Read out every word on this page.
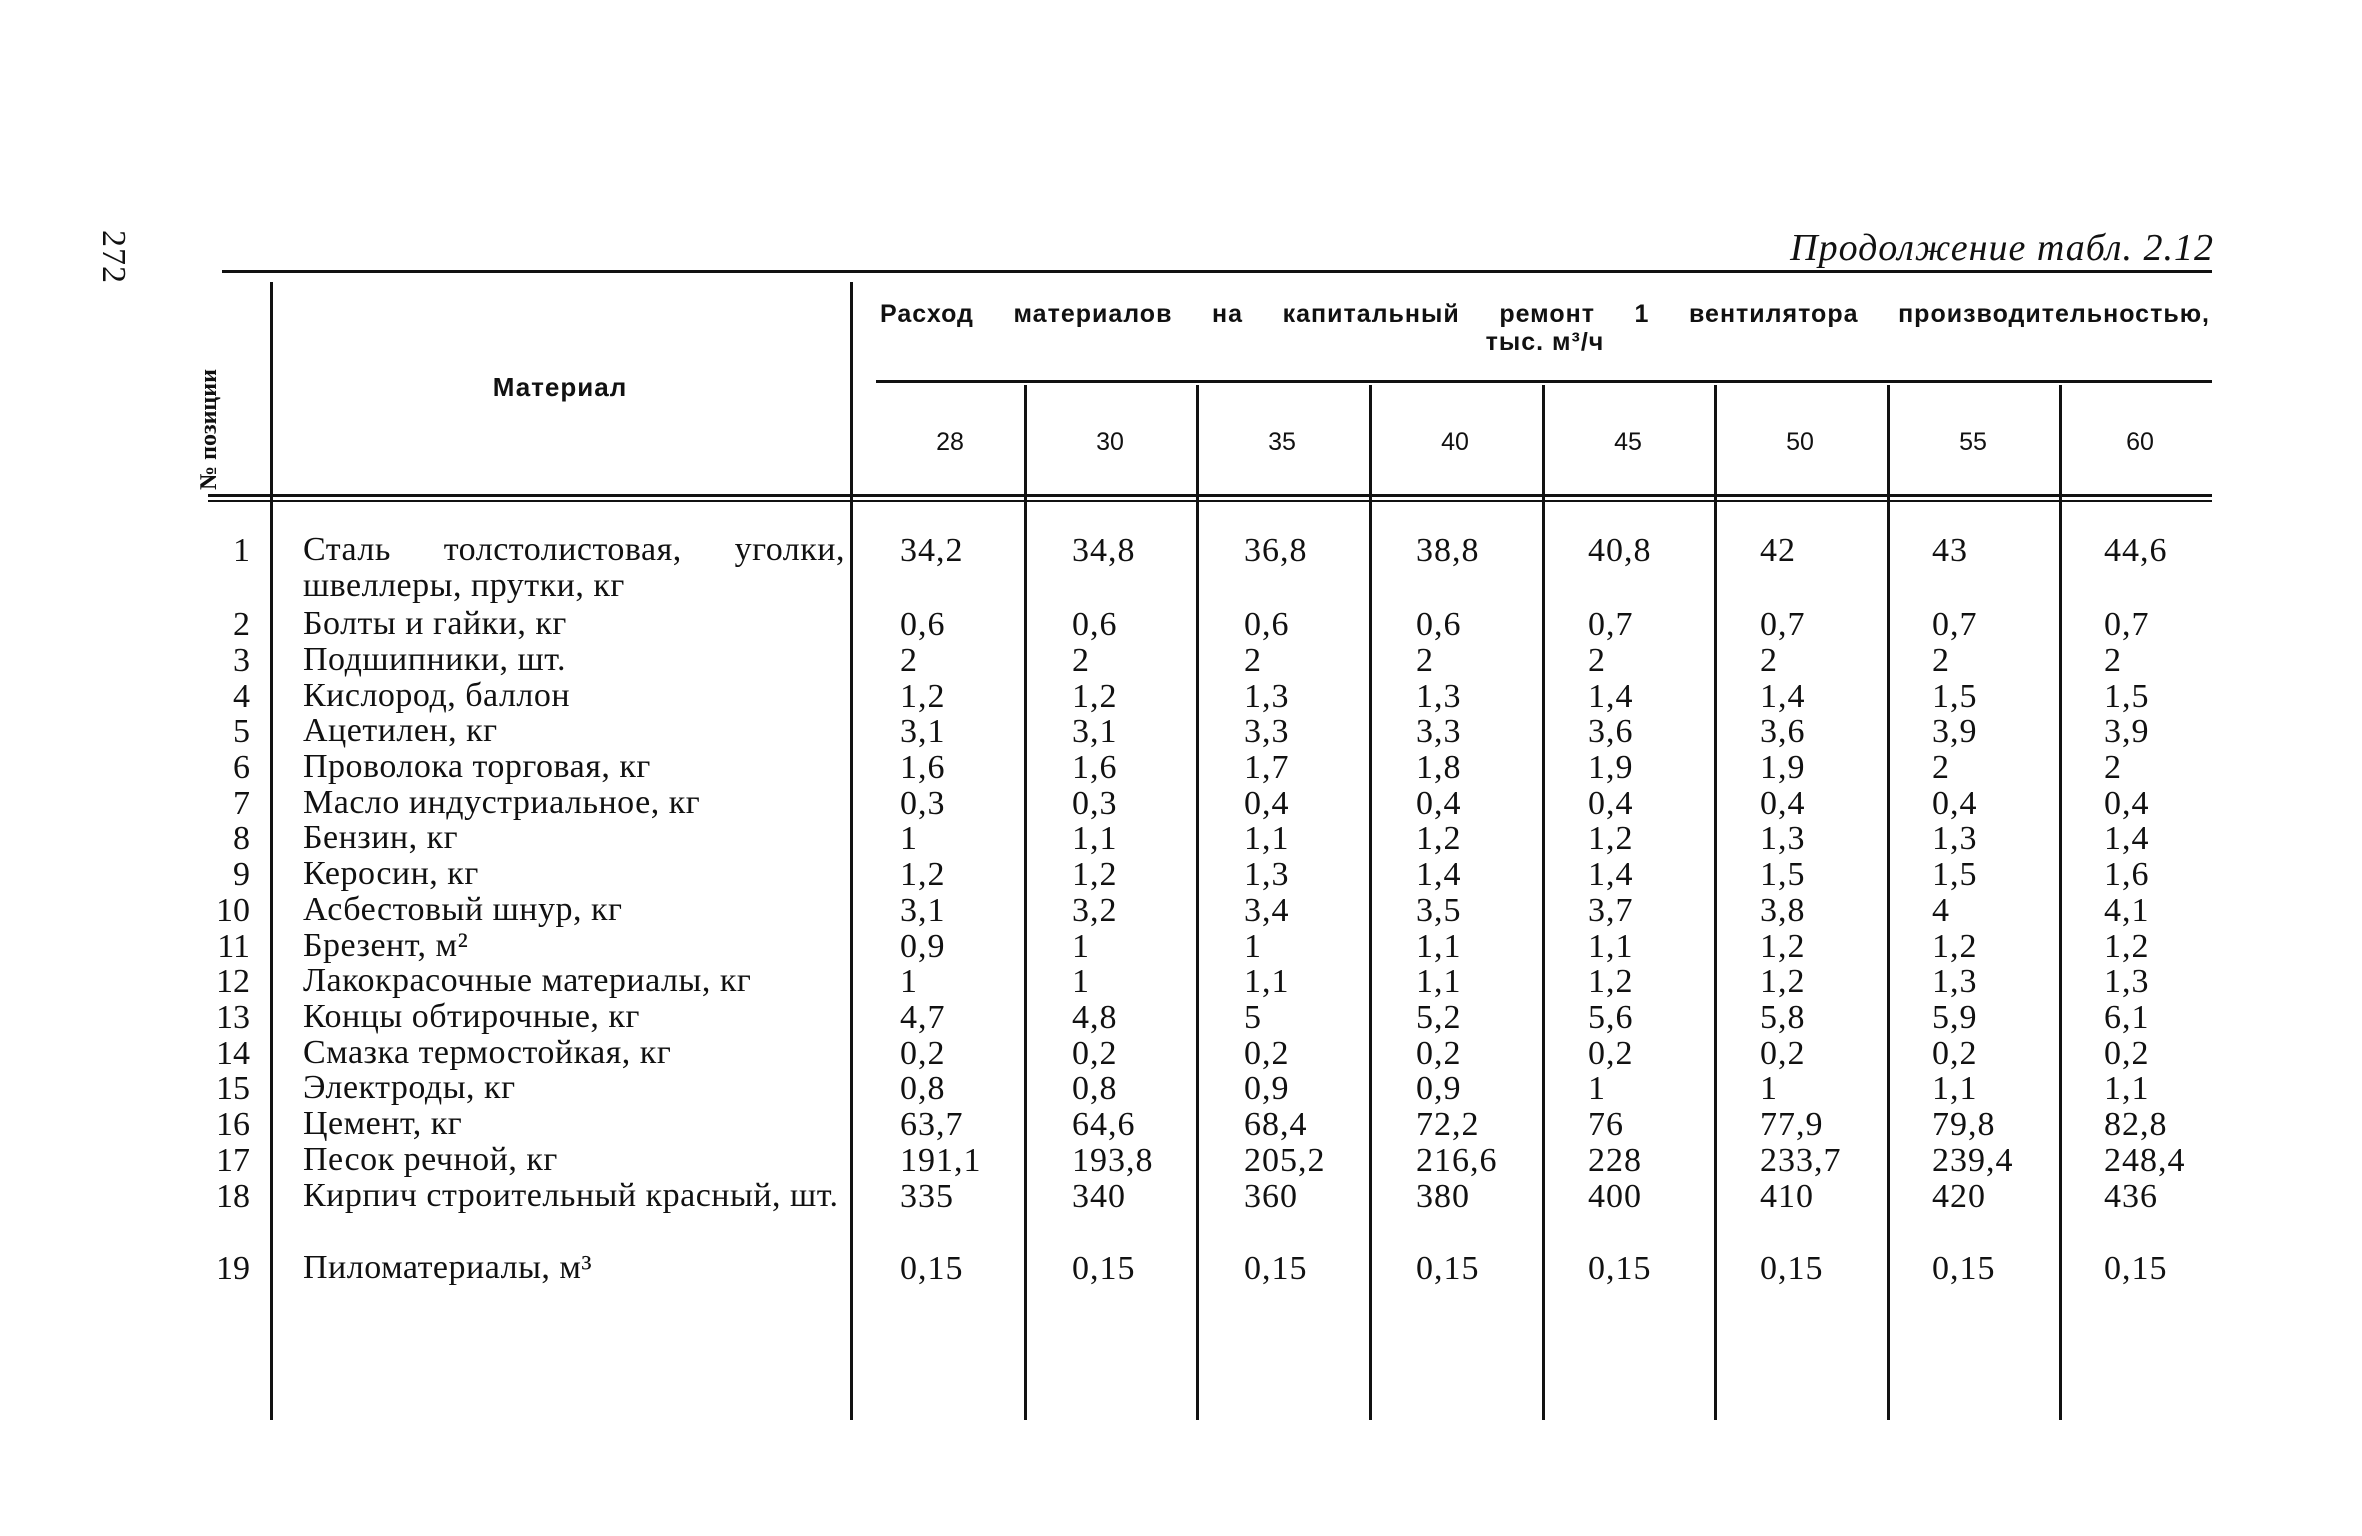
272	Продолжение табл. 2.12
№ позиции	Материал
Расход материалов на капитальный ремонт 1 вентилятора производительностью,
тыс. м³/ч
28	30	35	40	45	50	55	60
1 Сталь толстолистовая, уголки, швеллеры, прутки, кг
34,2	34,8	36,8	38,8	40,8	42	43	44,6
2 Болты и гайки, кг	0,6	0,6	0,6	0,6	0,7	0,7	0,7	0,7
3 Подшипники, шт.	2	2	2	2	2	2	2	2
4 Кислород, баллон	1,2	1,2	1,3	1,3	1,4	1,4	1,5	1,5
5 Ацетилен, кг	3,1	3,1	3,3	3,3	3,6	3,6	3,9	3,9
6 Проволока торговая, кг	1,6	1,6	1,7	1,8	1,9	1,9	2	2
7 Масло индустриальное, кг	0,3	0,3	0,4	0,4	0,4	0,4	0,4	0,4
8 Бензин, кг	1	1,1	1,1	1,2	1,2	1,3	1,3	1,4
9 Керосин, кг	1,2	1,2	1,3	1,4	1,4	1,5	1,5	1,6
10 Асбестовый шнур, кг	3,1	3,2	3,4	3,5	3,7	3,8	4	4,1
11 Брезент, м²	0,9	1	1	1,1	1,1	1,2	1,2	1,2
12 Лакокрасочные материалы, кг	1	1	1,1	1,1	1,2	1,2	1,3	1,3
13 Концы обтирочные, кг	4,7	4,8	5	5,2	5,6	5,8	5,9	6,1
14 Смазка термостойкая, кг	0,2	0,2	0,2	0,2	0,2	0,2	0,2	0,2
15 Электроды, кг	0,8	0,8	0,9	0,9	1	1	1,1	1,1
16 Цемент, кг	63,7	64,6	68,4	72,2	76	77,9	79,8	82,8
17 Песок речной, кг	191,1	193,8	205,2	216,6	228	233,7	239,4	248,4
18 Кирпич строительный красный, шт. 335	340	360	380	400	410	420	436
19 Пиломатериалы, м³	0,15	0,15	0,15	0,15	0,15	0,15	0,15	0,15
